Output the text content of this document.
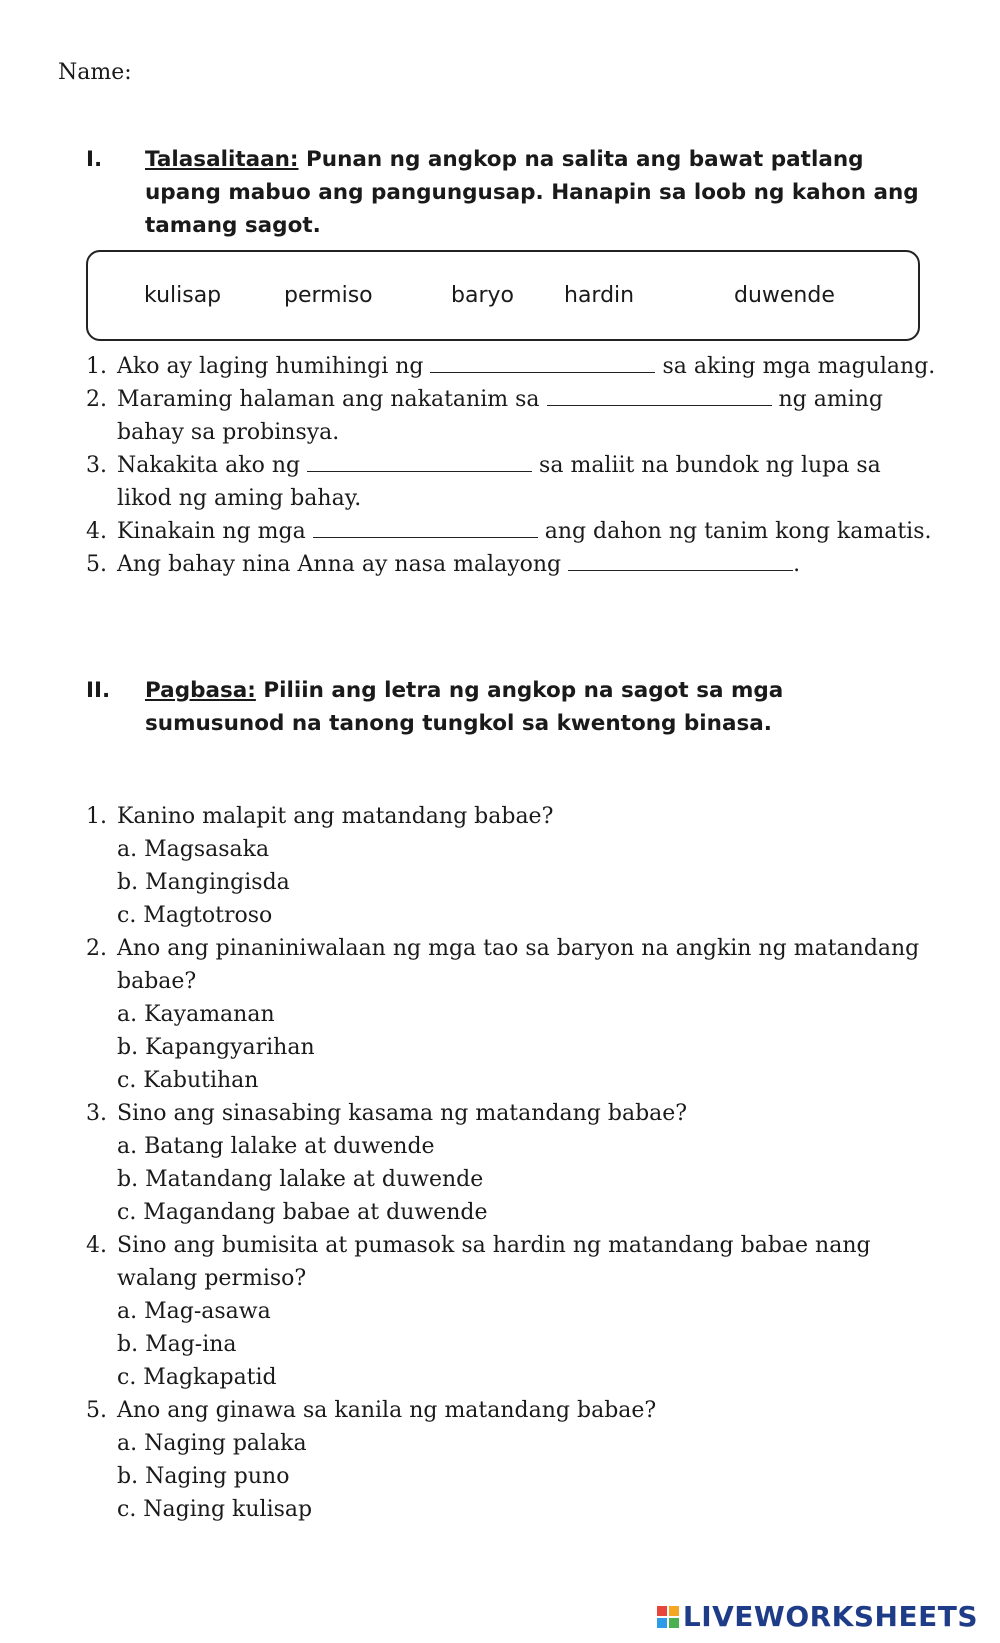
Name:
I.	Talasalitaan: Punan ng angkop na salita ang bawat patlang upang mabuo ang pangungusap. Hanapin sa loob ng kahon ang tamang sagot.
kulisap	permiso	baryo hardin	duwende
1. Ako ay laging humihingi ng	sa aking mga magulang.
2. Maraming halaman ang nakatanim sa	ng aming bahay sa probinsya.
3. Nakakita ako ng	sa maliit na bundok ng lupa sa likod ng aming bahay.
4. Kinakain ng mga	ang dahon ng tanim kong kamatis.
5. Ang bahay nina Anna ay nasa malayong	.
II.	Pagbasa: Piliin ang letra ng angkop na sagot sa mga sumusunod na tanong tungkol sa kwentong binasa.
1. Kanino malapit ang matandang babae?
a. Magsasaka
b. Mangingisda
c. Magtotroso
2. Ano ang pinaniniwalaan ng mga tao sa baryon na angkin ng matandang babae?
a. Kayamanan
b. Kapangyarihan
c. Kabutihan
3. Sino ang sinasabing kasama ng matandang babae?
a. Batang lalake at duwende
b. Matandang lalake at duwende
c. Magandang babae at duwende
4. Sino ang bumisita at pumasok sa hardin ng matandang babae nang walang permiso?
a. Mag-asawa
b. Mag-ina
c. Magkapatid
5. Ano ang ginawa sa kanila ng matandang babae?
a. Naging palaka
b. Naging puno
c. Naging kulisap
LIVEWORKSHEETS
